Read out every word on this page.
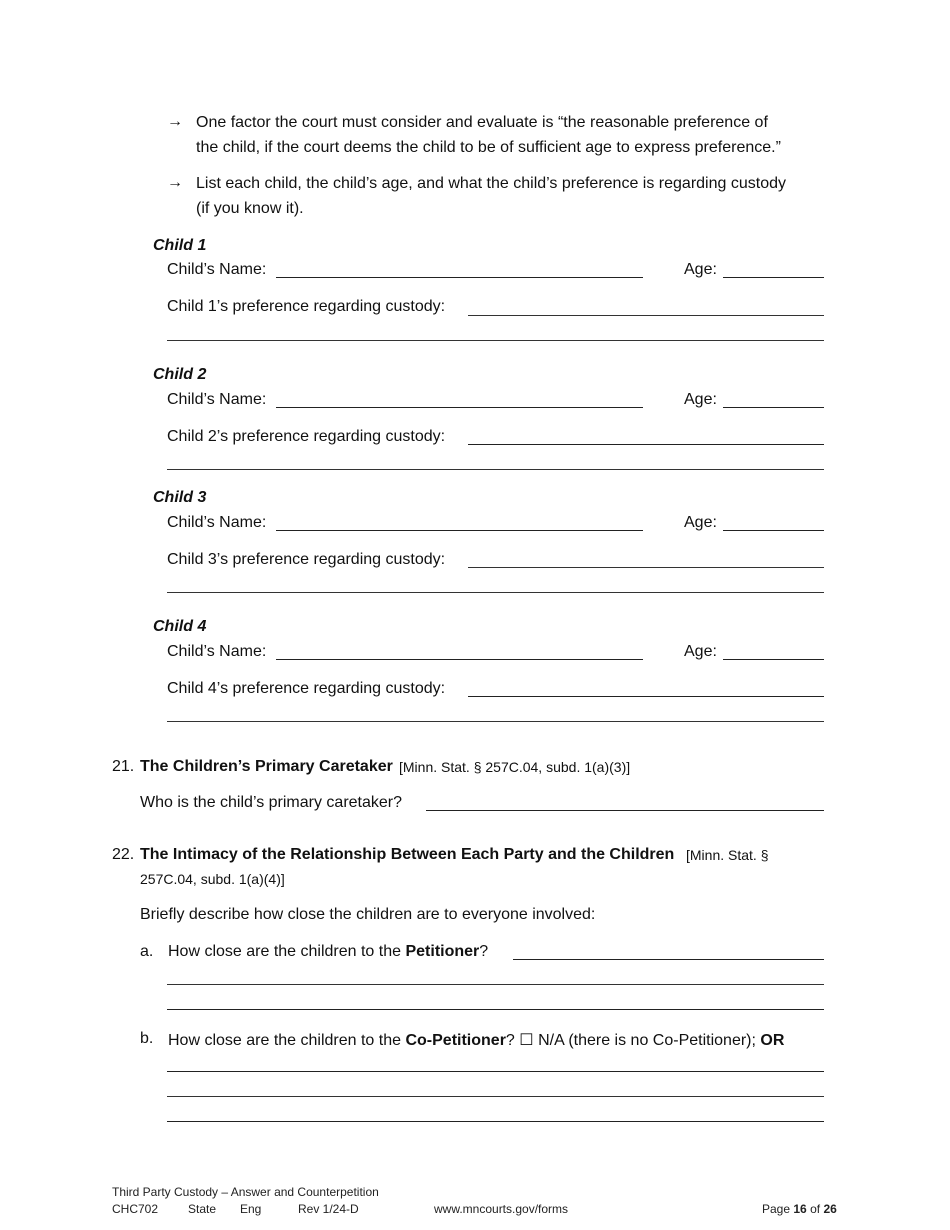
→ One factor the court must consider and evaluate is “the reasonable preference of
the child, if the court deems the child to be of sufficient age to express preference.”
→ List each child, the child’s age, and what the child’s preference is regarding custody
(if you know it).
Child 1
Child’s Name:	Age:
Child 1’s preference regarding custody:
Child 2
Child’s Name:	Age:
Child 2’s preference regarding custody:
Child 3
Child’s Name:	Age:
Child 3’s preference regarding custody:
Child 4
Child’s Name:	Age:
Child 4’s preference regarding custody:
21. The Children’s Primary Caretaker [Minn. Stat. § 257C.04, subd. 1(a)(3)]
Who is the child’s primary caretaker?
22. The Intimacy of the Relationship Between Each Party and the Children [Minn. Stat. §
257C.04, subd. 1(a)(4)]
Briefly describe how close the children are to everyone involved:
a. How close are the children to the Petitioner?
b. How close are the children to the Co-Petitioner? ☐ N/A (there is no Co-Petitioner); OR
Third Party Custody – Answer and Counterpetition
CHC702 State Eng	Rev 1/24-D	www.mncourts.gov/forms	Page 16 of 26
